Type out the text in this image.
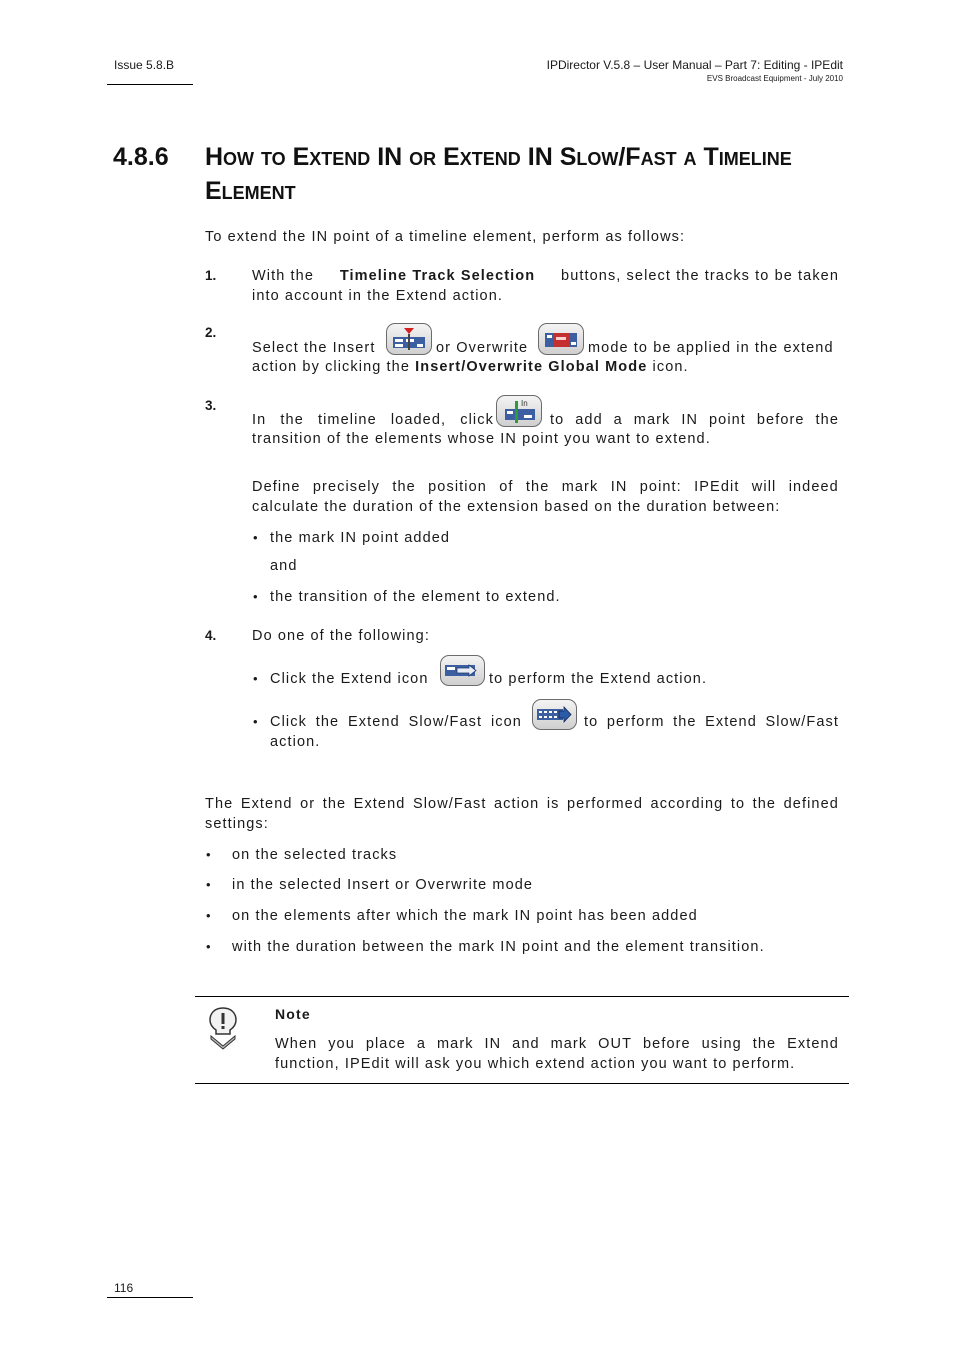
Issue 5.8.B	IPDirector V.5.8 – User Manual – Part 7: Editing - IPEdit
EVS Broadcast Equipment - July 2010
4.8.6 How to Extend IN or Extend IN Slow/Fast a Timeline Element
To extend the IN point of a timeline element, perform as follows:
1. With the Timeline Track Selection buttons, select the tracks to be taken
into account in the Extend action.
2.
Select the Insert	or Overwrite	mode to be applied in the extend
action by clicking the Insert/Overwrite Global Mode icon.
3.
In the timeline loaded, click
In
to add a mark IN point before the
transition of the elements whose IN point you want to extend.
Define precisely the position of the mark IN point: IPEdit will indeed
calculate the duration of the extension based on the duration between:
• the mark IN point added
and
• the transition of the element to extend.
4. Do one of the following:
• Click the Extend icon	to perform the Extend action.
• Click the Extend Slow/Fast icon	to perform the Extend Slow/Fast
action.
The Extend or the Extend Slow/Fast action is performed according to the defined
settings:
• on the selected tracks
• in the selected Insert or Overwrite mode
• on the elements after which the mark IN point has been added
• with the duration between the mark IN point and the element transition.
Note
When you place a mark IN and mark OUT before using the Extend
function, IPEdit will ask you which extend action you want to perform.
116
